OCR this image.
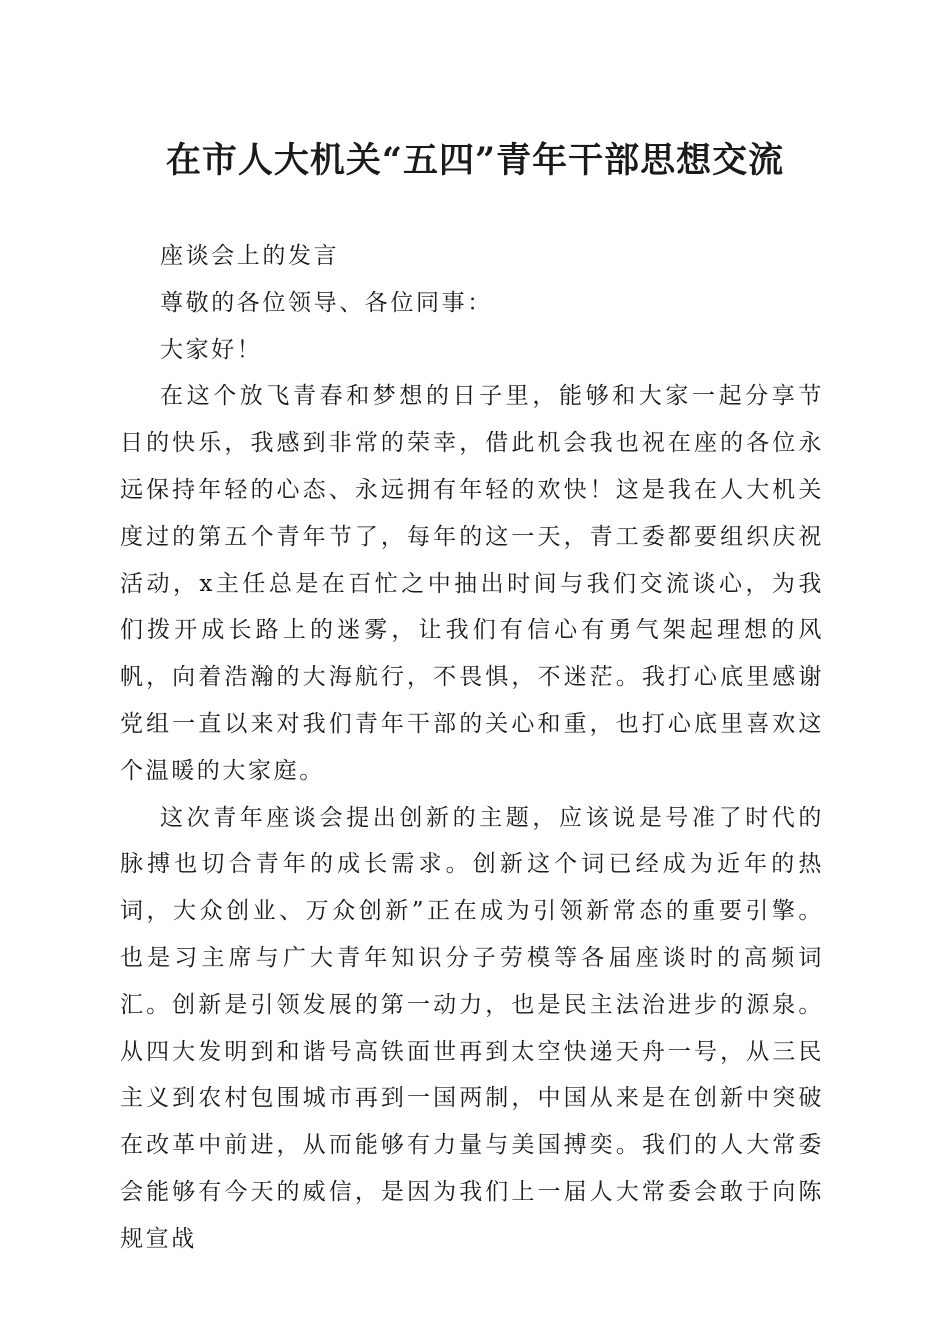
在市人大机关“五四”青年干部思想交流

座谈会上的发言

尊敬的各位领导、各位同事：

大家好！

在这个放飞青春和梦想的日子里，能够和大家一起分享节日的快乐，我感到非常的荣幸，借此机会我也祝在座的各位永远保持年轻的心态、永远拥有年轻的欢快！这是我在人大机关度过的第五个青年节了，每年的这一天，青工委都要组织庆祝活动，x主任总是在百忙之中抽出时间与我们交流谈心，为我们拨开成长路上的迷雾，让我们有信心有勇气架起理想的风帆，向着浩瀚的大海航行，不畏惧，不迷茫。我打心底里感谢党组一直以来对我们青年干部的关心和重，也打心底里喜欢这个温暖的大家庭。

这次青年座谈会提出创新的主题，应该说是号准了时代的脉搏也切合青年的成长需求。创新这个词已经成为近年的热词，大众创业、万众创新”正在成为引领新常态的重要引擎。也是习主席与广大青年知识分子劳模等各届座谈时的高频词汇。创新是引领发展的第一动力，也是民主法治进步的源泉。从四大发明到和谐号高铁面世再到太空快递天舟一号，从三民主义到农村包围城市再到一国两制，中国从来是在创新中突破在改革中前进，从而能够有力量与美国搏奕。我们的人大常委会能够有今天的威信，是因为我们上一届人大常委会敢于向陈规宣战
